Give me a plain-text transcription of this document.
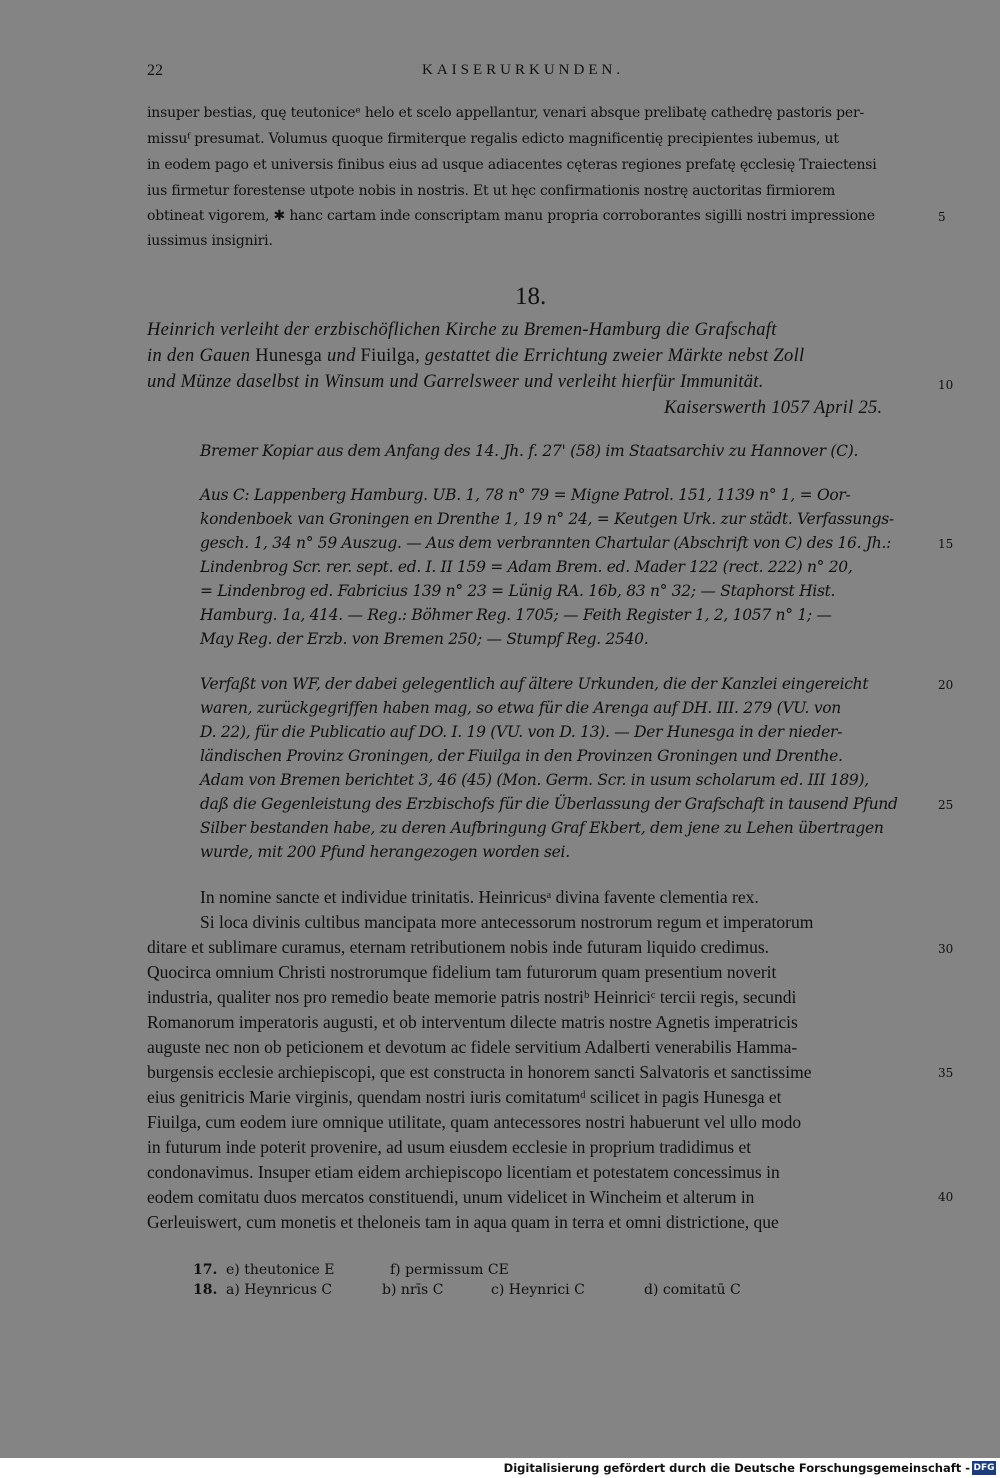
22	KAISERURKUNDEN.
insuper bestias, quę teutoniceᵉ helo et scelo appellantur, venari absque prelibatę cathedrę pastoris per-
missuᶠ presumat. Volumus quoque firmiterque regalis edicto magnificentię precipientes iubemus, ut
in eodem pago et universis finibus eius ad usque adiacentes cęteras regiones prefatę ęcclesię Traiectensi
ius firmetur forestense utpote nobis in nostris. Et ut hęc confirmationis nostrę auctoritas firmiorem
obtineat vigorem, ✱ hanc cartam inde conscriptam manu propria corroborantes sigilli nostri impressione
iussimus insigniri.
5
18.
Heinrich verleiht der erzbischöflichen Kirche zu Bremen-Hamburg die Grafschaft
in den Gauen Hunesga und Fiuilga, gestattet die Errichtung zweier Märkte nebst Zoll
und Münze daselbst in Winsum und Garrelsweer und verleiht hierfür Immunität.	10
Kaiserswerth 1057 April 25.
Bremer Kopiar aus dem Anfang des 14. Jh. f. 27' (58) im Staatsarchiv zu Hannover (C).
Aus C: Lappenberg Hamburg. UB. 1, 78 n° 79 = Migne Patrol. 151, 1139 n° 1, = Oor-
kondenboek van Groningen en Drenthe 1, 19 n° 24, = Keutgen Urk. zur städt. Verfassungs-
gesch. 1, 34 n° 59 Auszug. — Aus dem verbrannten Chartular (Abschrift von C) des 16. Jh.:
Lindenbrog Scr. rer. sept. ed. I. II 159 = Adam Brem. ed. Mader 122 (rect. 222) n° 20,
= Lindenbrog ed. Fabricius 139 n° 23 = Lünig RA. 16b, 83 n° 32; — Staphorst Hist.
Hamburg. 1a, 414. — Reg.: Böhmer Reg. 1705; — Feith Register 1, 2, 1057 n° 1; —
May Reg. der Erzb. von Bremen 250; — Stumpf Reg. 2540.
15
Verfaßt von WF, der dabei gelegentlich auf ältere Urkunden, die der Kanzlei eingereicht
waren, zurückgegriffen haben mag, so etwa für die Arenga auf DH. III. 279 (VU. von
D. 22), für die Publicatio auf DO. I. 19 (VU. von D. 13). — Der Hunesga in der nieder-
ländischen Provinz Groningen, der Fiuilga in den Provinzen Groningen und Drenthe.
Adam von Bremen berichtet 3, 46 (45) (Mon. Germ. Scr. in usum scholarum ed. III 189),
daß die Gegenleistung des Erzbischofs für die Überlassung der Grafschaft in tausend Pfund
Silber bestanden habe, zu deren Aufbringung Graf Ekbert, dem jene zu Lehen übertragen
wurde, mit 200 Pfund herangezogen worden sei.
20
25
In nomine sancte et individue trinitatis. Heinricusᵃ divina favente clementia rex.
Si loca divinis cultibus mancipata more antecessorum nostrorum regum et imperatorum
ditare et sublimare curamus, eternam retributionem nobis inde futuram liquido credimus.
Quocirca omnium Christi nostrorumque fidelium tam futurorum quam presentium noverit
industria, qualiter nos pro remedio beate memorie patris nostriᵇ Heinriciᶜ tercii regis, secundi
Romanorum imperatoris augusti, et ob interventum dilecte matris nostre Agnetis imperatricis
auguste nec non ob peticionem et devotum ac fidele servitium Adalberti venerabilis Hamma-
burgensis ecclesie archiepiscopi, que est constructa in honorem sancti Salvatoris et sanctissime
eius genitricis Marie virginis, quendam nostri iuris comitatumᵈ scilicet in pagis Hunesga et
Fiuilga, cum eodem iure omnique utilitate, quam antecessores nostri habuerunt vel ullo modo
in futurum inde poterit provenire, ad usum eiusdem ecclesie in proprium tradidimus et
condonavimus. Insuper etiam eidem archiepiscopo licentiam et potestatem concessimus in
eodem comitatu duos mercatos constituendi, unum videlicet in Wincheim et alterum in
Gerleuiswert, cum monetis et theloneis tam in aqua quam in terra et omni districtione, que
30
35
40
17. e) theutonice E	f) permissum CE
18. a) Heynricus C	b) nrīs C	c) Heynrici C	d) comitatū C
Digitalisierung gefördert durch die Deutsche Forschungsgemeinschaft - DFG
